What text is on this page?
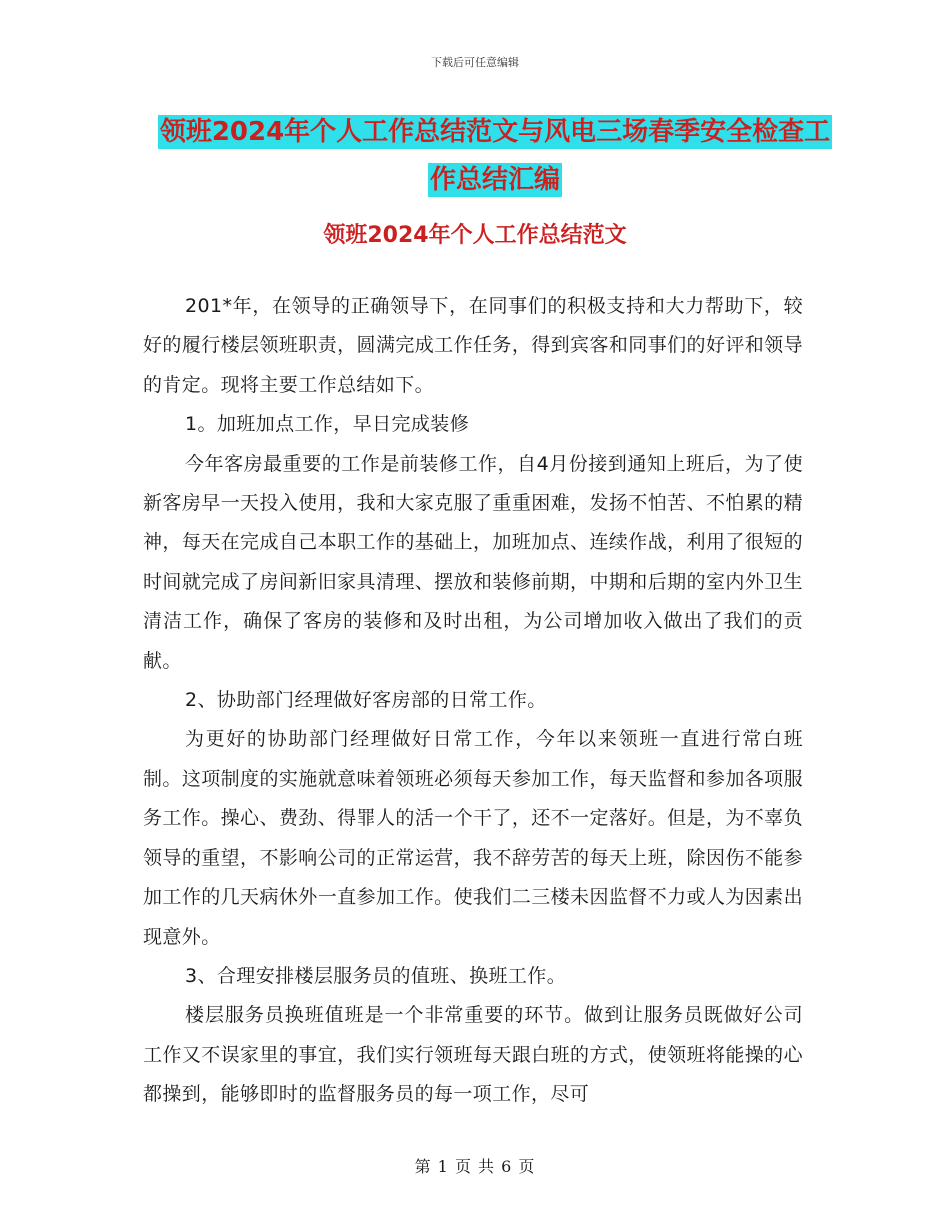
下载后可任意编辑
领班2024年个人工作总结范文与风电三场春季安全检查工作总结汇编
领班2024年个人工作总结范文

201*年，在领导的正确领导下，在同事们的积极支持和大力帮助下，较好的履行楼层领班职责，圆满完成工作任务，得到宾客和同事们的好评和领导的肯定。现将主要工作总结如下。

1。加班加点工作，早日完成装修

今年客房最重要的工作是前装修工作，自4月份接到通知上班后，为了使新客房早一天投入使用，我和大家克服了重重困难，发扬不怕苦、不怕累的精神，每天在完成自己本职工作的基础上，加班加点、连续作战，利用了很短的时间就完成了房间新旧家具清理、摆放和装修前期，中期和后期的室内外卫生清洁工作，确保了客房的装修和及时出租，为公司增加收入做出了我们的贡献。

2、协助部门经理做好客房部的日常工作。

为更好的协助部门经理做好日常工作，今年以来领班一直进行常白班制。这项制度的实施就意味着领班必须每天参加工作，每天监督和参加各项服务工作。操心、费劲、得罪人的活一个干了，还不一定落好。但是，为不辜负领导的重望，不影响公司的正常运营，我不辞劳苦的每天上班，除因伤不能参加工作的几天病休外一直参加工作。使我们二三楼未因监督不力或人为因素出现意外。

3、合理安排楼层服务员的值班、换班工作。

楼层服务员换班值班是一个非常重要的环节。做到让服务员既做好公司工作又不误家里的事宜，我们实行领班每天跟白班的方式，使领班将能操的心都操到，能够即时的监督服务员的每一项工作，尽可

第 1 页 共 6 页
